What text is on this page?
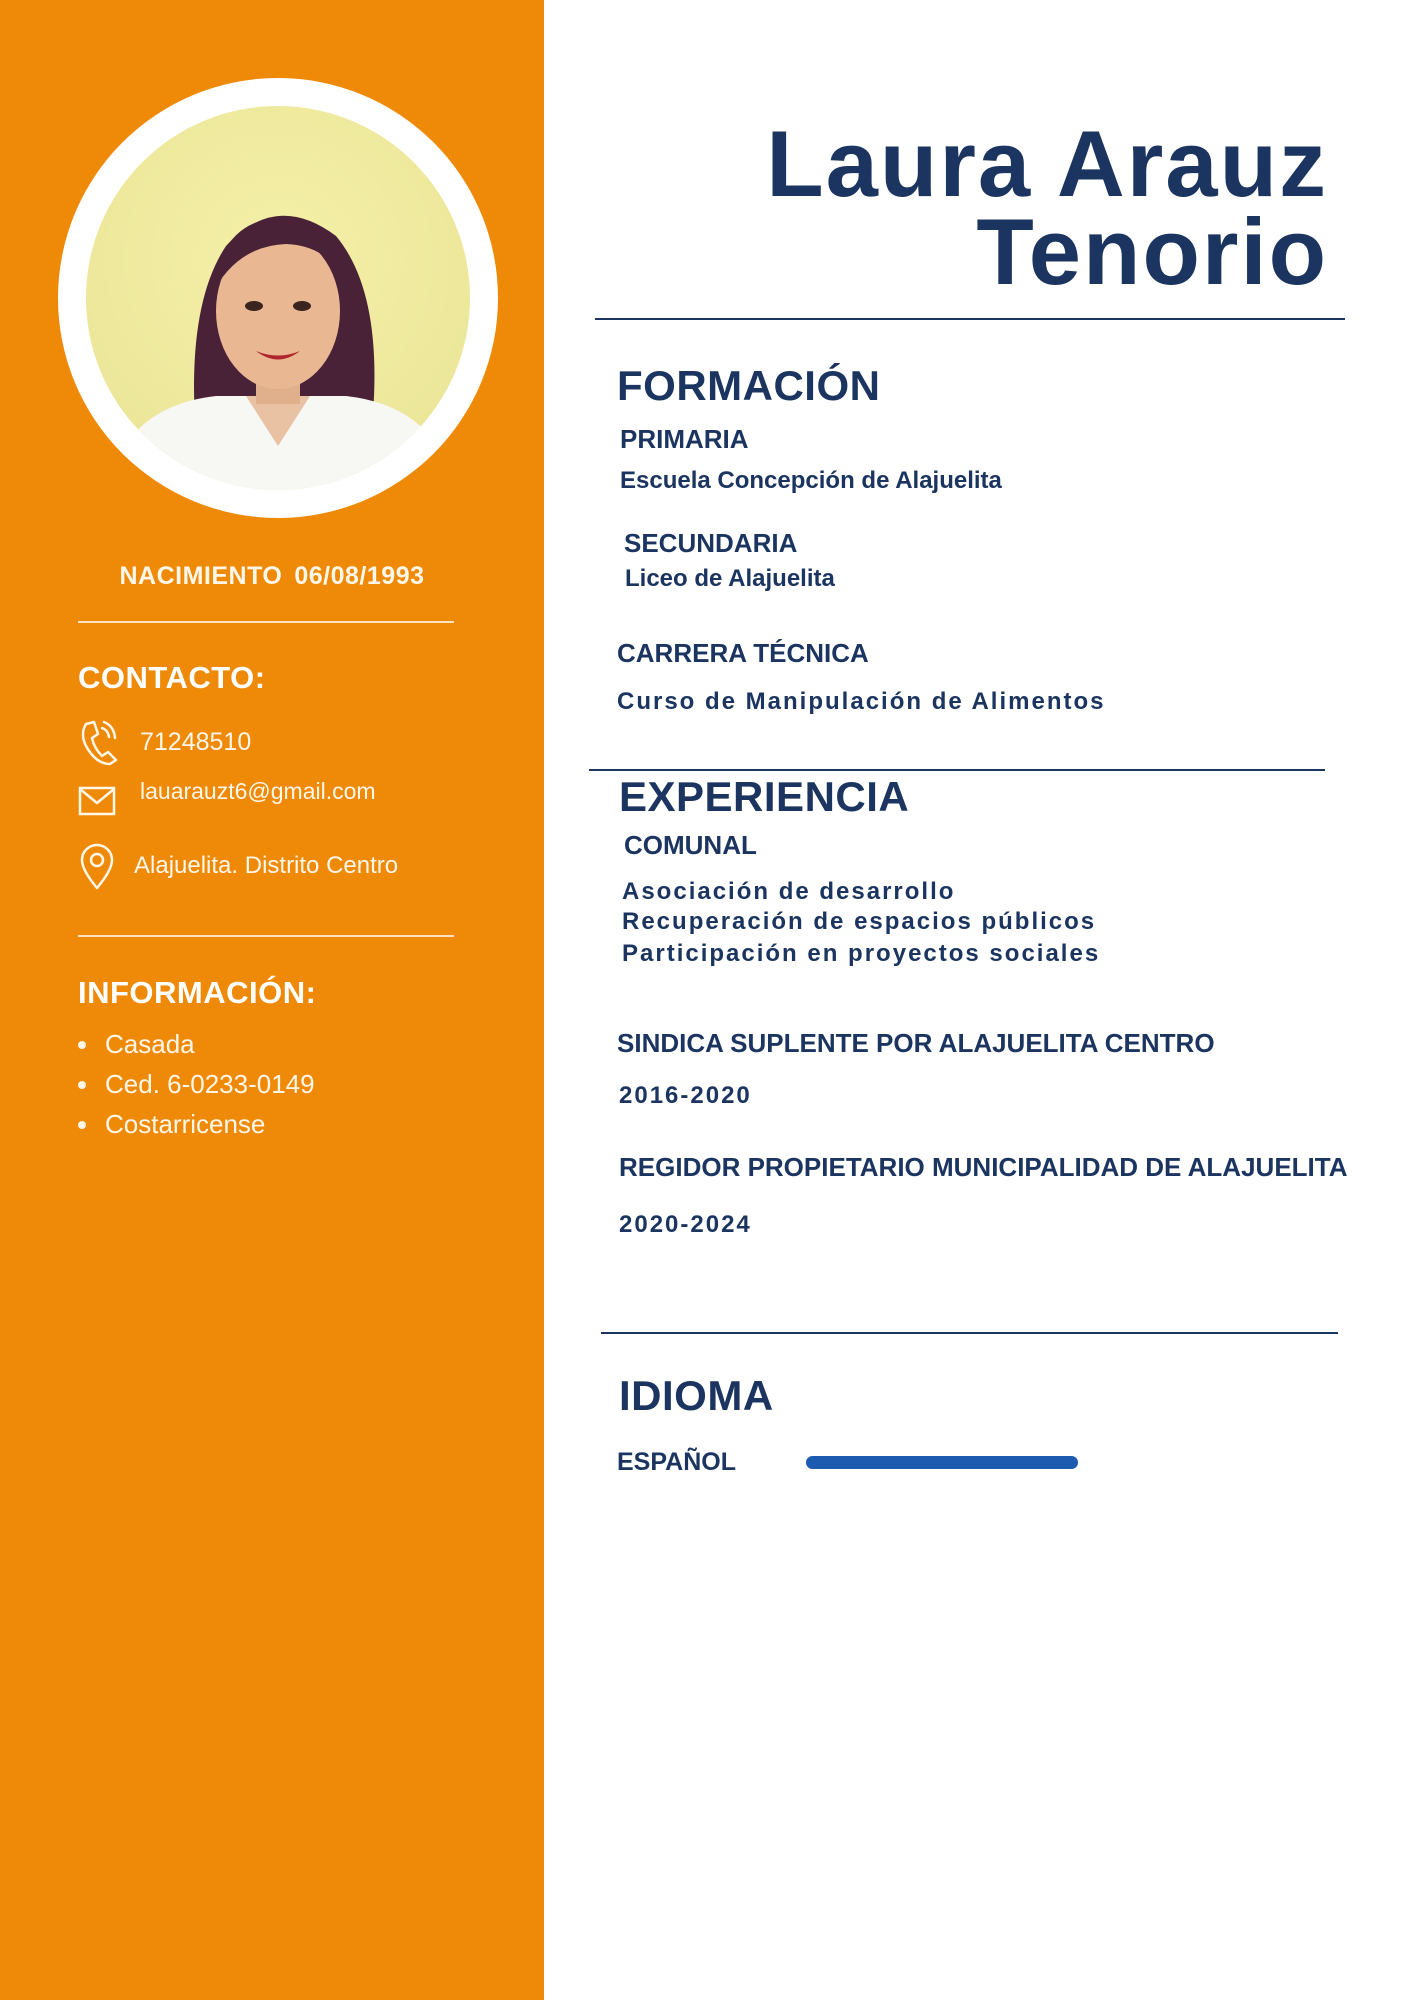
NACIMIENTO 06/08/1993
CONTACTO:
71248510
lauarauzt6@gmail.com
Alajuelita. Distrito Centro
INFORMACIÓN:
Casada
Ced. 6-0233-0149
Costarricense
Laura Arauz
Tenorio
FORMACIÓN
PRIMARIA
Escuela Concepción de Alajuelita
SECUNDARIA
Liceo de Alajuelita
CARRERA TÉCNICA
Curso de Manipulación de Alimentos
EXPERIENCIA
COMUNAL
Asociación de desarrollo
Recuperación de espacios públicos
Participación en proyectos sociales
SINDICA SUPLENTE POR ALAJUELITA CENTRO
2016-2020
REGIDOR PROPIETARIO MUNICIPALIDAD DE ALAJUELITA
2020-2024
IDIOMA
ESPAÑOL
